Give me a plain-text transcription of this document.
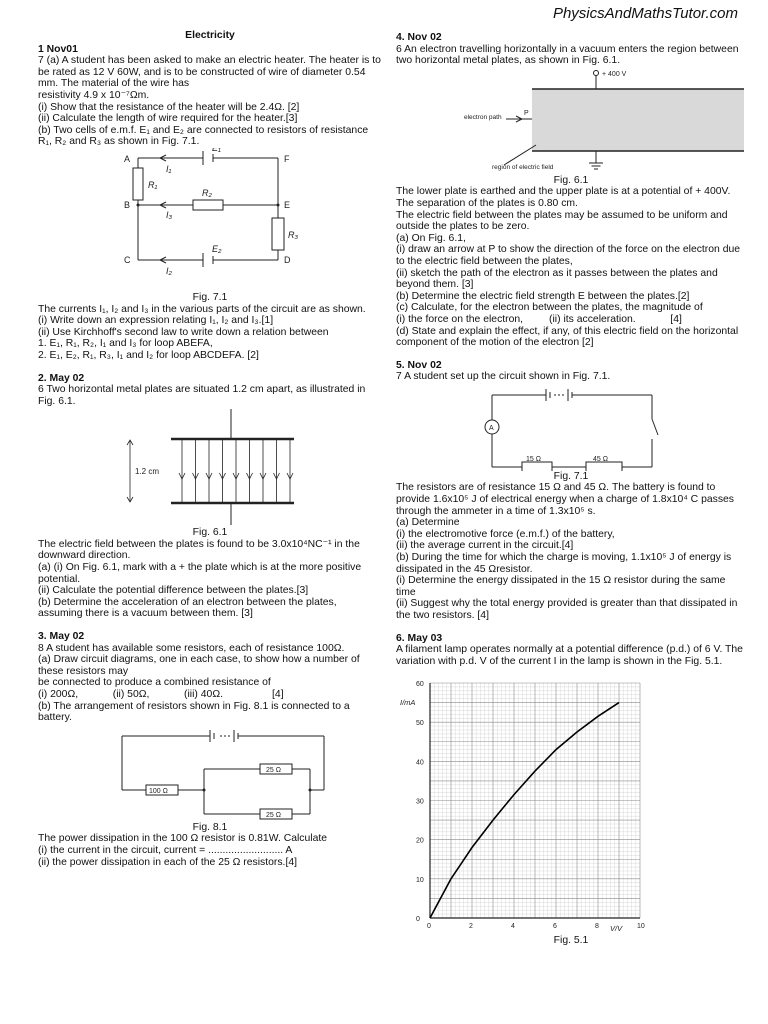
PhysicsAndMathsTutor.com

Electricity

1 Nov01

7 (a) A student has been asked to make an electric heater. The heater is to be rated as 12 V 60W, and is to be constructed of wire of diameter 0.54 mm. The material of the wire has

resistivity 4.9 x 10⁻⁷Ωm.

(i) Show that the resistance of the heater will be 2.4Ω. [2]

(ii) Calculate the length of wire required for the heater.[3]

(b) Two cells of e.m.f. E₁ and E₂ are connected to resistors of resistance R₁, R₂ and R₃ as shown in Fig. 7.1.

A
B
C
F
E
D
E₁
E₂
I₁
I₃
I₂
R₁
R₂
R₃

Fig. 7.1

The currents I₁, I₂ and I₃ in the various parts of the circuit are as shown.

(i) Write down an expression relating I₁, I₂ and I₃.[1]

(ii) Use Kirchhoff's second law to write down a relation between

1. E₁, R₁, R₂, I₁ and I₃ for loop ABEFA,

2. E₁, E₂, R₁, R₃, I₁ and I₂ for loop ABCDEFA. [2]

2. May 02

6 Two horizontal metal plates are situated 1.2 cm apart, as illustrated in Fig. 6.1.

1.2 cm

Fig. 6.1

The electric field between the plates is found to be 3.0x10⁴NC⁻¹ in the downward direction.

(a) (i) On Fig. 6.1, mark with a + the plate which is at the more positive potential.

(ii) Calculate the potential difference between the plates.[3]

(b) Determine the acceleration of an electron between the plates, assuming there is a vacuum between them. [3]

3. May 02

8 A student has available some resistors, each of resistance 100Ω.

(a) Draw circuit diagrams, one in each case, to show how a number of these resistors may

be connected to produce a combined resistance of

(i) 200Ω,            (ii) 50Ω,            (iii) 40Ω.                 [4]

(b) The arrangement of resistors shown in Fig. 8.1 is connected to a battery.

100 Ω
25 Ω
25 Ω

Fig. 8.1

The power dissipation in the 100 Ω resistor is 0.81W. Calculate

(i) the current in the circuit, current = .......................... A

(ii) the power dissipation in each of the 25 Ω resistors.[4]

4. Nov 02

6 An electron travelling horizontally in a vacuum enters the region between two horizontal metal plates, as shown in Fig. 6.1.

+ 400 V
electron path
P
region of electric field

Fig. 6.1

The lower plate is earthed and the upper plate is at a potential of + 400V. The separation of the plates is 0.80 cm.

The electric field between the plates may be assumed to be uniform and outside the plates to be zero.

(a) On Fig. 6.1,

(i) draw an arrow at P to show the direction of the force on the electron due to the electric field between the plates,

(ii) sketch the path of the electron as it passes between the plates and beyond them. [3]

(b) Determine the electric field strength E between the plates.[2]

(c) Calculate, for the electron between the plates, the magnitude of

(i) the force on the electron,         (ii) its acceleration.            [4]

(d) State and explain the effect, if any, of this electric field on the horizontal component of the motion of the electron [2]

5. Nov 02

7 A student set up the circuit shown in Fig. 7.1.

A
15 Ω	45 Ω

Fig. 7.1

The resistors are of resistance 15 Ω and 45 Ω. The battery is found to provide 1.6x10⁵ J of electrical energy when a charge of 1.8x10⁴ C passes through the ammeter in a time of 1.3x10⁵ s.

(a) Determine

(i) the electromotive force (e.m.f.) of the battery,

(ii) the average current in the circuit.[4]

(b) During the time for which the charge is moving, 1.1x10⁵ J of energy is dissipated in the 45 Ωresistor.

(i) Determine the energy dissipated in the 15 Ω resistor during the same time

(ii) Suggest why the total energy provided is greater than that dissipated in the two resistors. [4]

6. May 03

A filament lamp operates normally at a potential difference (p.d.) of 6 V. The variation with p.d. V of the current I in the lamp is shown in the Fig. 5.1.

0	2	4	6	8	10
0
10
20
30
40
50
60
I/mA
V/V

Fig. 5.1
